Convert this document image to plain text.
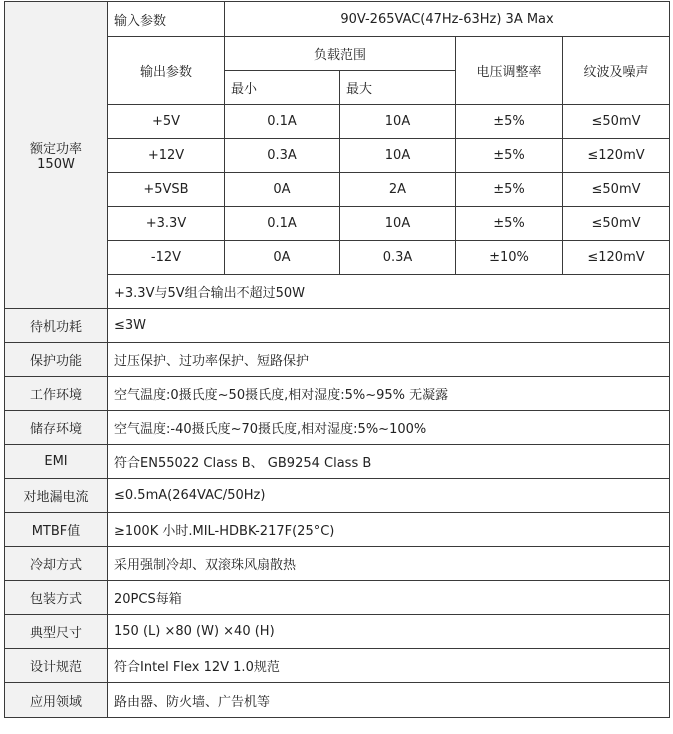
额定功率
150W	输入参数	90V-265VAC(47Hz-63Hz) 3A Max			
	输出参数	负载范围		电压调整率	纹波及噪声
		最小	最大		
	+5V	0.1A	10A	±5%	≤50mV
	+12V	0.3A	10A	±5%	≤120mV
	+5VSB	0A	2A	±5%	≤50mV
	+3.3V	0.1A	10A	±5%	≤50mV
	-12V	0A	0.3A	±10%	≤120mV
	+3.3V与5V组合输出不超过50W				
待机功耗	≤3W				
保护功能	过压保护、过功率保护、短路保护				
工作环境	空气温度:0摄氏度~50摄氏度,相对湿度:5%~95% 无凝露				
储存环境	空气温度:-40摄氏度~70摄氏度,相对湿度:5%~100%				
EMI	符合EN55022 Class B、 GB9254 Class B				
对地漏电流	≤0.5mA(264VAC/50Hz)				
MTBF值	≥100K 小时.MIL-HDBK-217F(25°C)				
冷却方式	采用强制冷却、双滚珠风扇散热				
包装方式	20PCS每箱				
典型尺寸	150 (L) ×80 (W) ×40 (H)				
设计规范	符合Intel Flex 12V 1.0规范				
应用领域	路由器、防火墙、广告机等				
